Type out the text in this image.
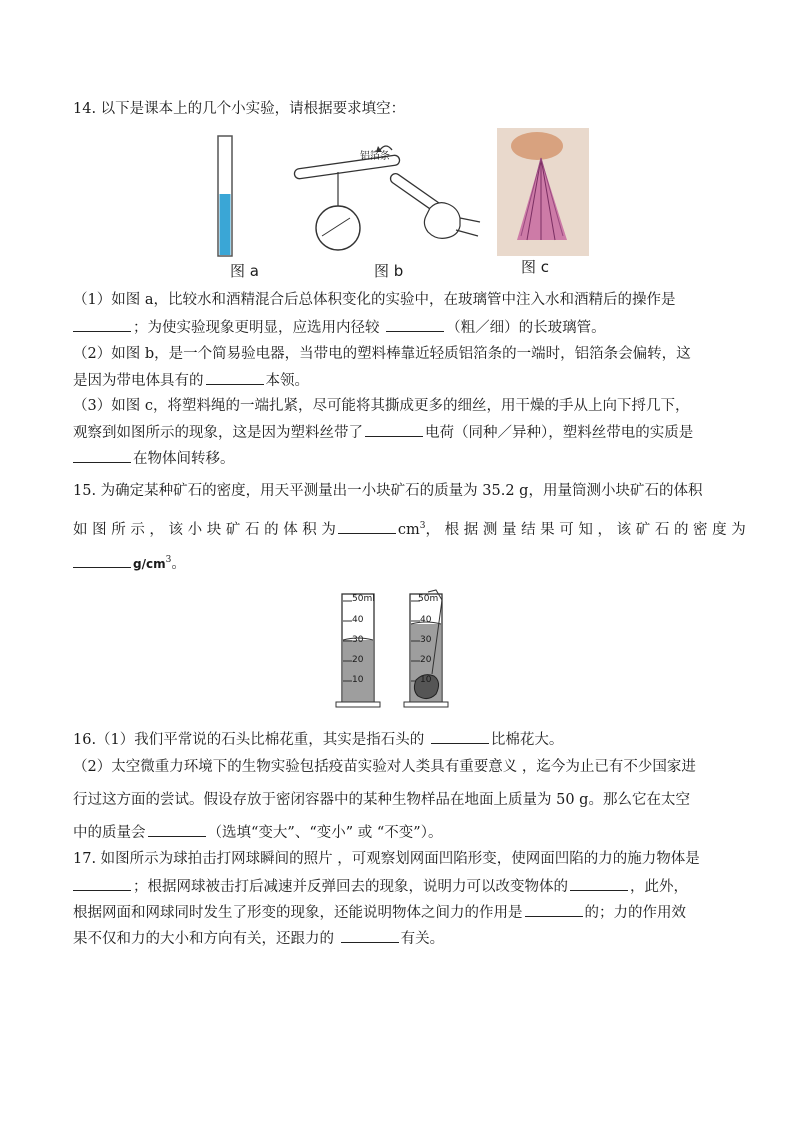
14. 以下是课本上的几个小实验，请根据要求填空：
图 a
铝箔条
图 b	图 c
（1）如图 a，比较水和酒精混合后总体积变化的实验中，在玻璃管中注入水和酒精后的操作是
；为使实验现象更明显，应选用内径较	（粗／细）的长玻璃管。
（2）如图 b，是一个简易验电器，当带电的塑料棒靠近轻质铝箔条的一端时，铝箔条会偏转，这
是因为带电体具有的	本领。
（3）如图 c，将塑料绳的一端扎紧，尽可能将其撕成更多的细丝，用干燥的手从上向下捋几下，
观察到如图所示的现象，这是因为塑料丝带了	电荷（同种／异种），塑料丝带电的实质是
在物体间转移。
15. 为确定某种矿石的密度，用天平测量出一小块矿石的质量为 35.2 g，用量筒测小块矿石的体积
如 图 所 示 ， 该 小 块 矿 石 的 体 积 为	$cm^3$， 根 据 测 量 结 果 可 知 ， 该 矿 石 的 密 度 为
$g/cm^3$。
50ml	50m
40
30
20
10
40
30
20
10
16.（1）我们平常说的石头比棉花重，其实是指石头的	比棉花大。
（2）太空微重力环境下的生物实验包括疫苗实验对人类具有重要意义 ，迄今为止已有不少国家进
行过这方面的尝试。假设存放于密闭容器中的某种生物样品在地面上质量为 50 g。那么它在太空
中的质量会	（选填“变大”、“变小” 或 “不变”）。
17. 如图所示为球拍击打网球瞬间的照片 ，可观察划网面凹陷形变，使网面凹陷的力的施力物体是
；根据网球被击打后减速并反弹回去的现象，说明力可以改变物体的	，此外，
根据网面和网球同时发生了形变的现象，还能说明物体之间力的作用是	的；力的作用效
果不仅和力的大小和方向有关，还跟力的	有关。
